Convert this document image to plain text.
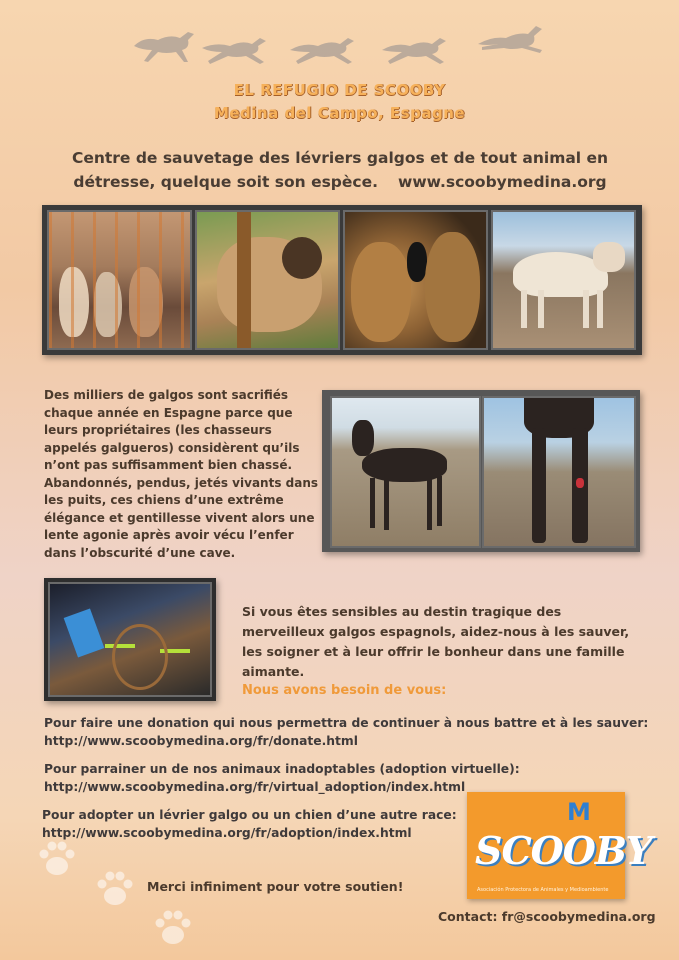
EL REFUGIO DE SCOOBY
Medina del Campo, Espagne
Centre de sauvetage des lévriers galgos et de tout animal en détresse, quelque soit son espèce. www.scoobymedina.org
Des milliers de galgos sont sacrifiés chaque année en Espagne parce que leurs propriétaires (les chasseurs appelés galgueros) considèrent qu’ils n’ont pas suffisamment bien chassé. Abandonnés, pendus, jetés vivants dans les puits, ces chiens d’une extrême élégance et gentillesse vivent alors une lente agonie après avoir vécu l’enfer dans l’obscurité d’une cave.
Si vous êtes sensibles au destin tragique des merveilleux galgos espagnols, aidez-nous à les sauver, les soigner et à leur offrir le bonheur dans une famille aimante.
Nous avons besoin de vous:
Pour faire une donation qui nous permettra de continuer à nous battre et à les sauver:
http://www.scoobymedina.org/fr/donate.html
Pour parrainer un de nos animaux inadoptables (adoption virtuelle):
http://www.scoobymedina.org/fr/virtual_adoption/index.html
Pour adopter un lévrier galgo ou un chien d’une autre race:
http://www.scoobymedina.org/fr/adoption/index.html
M
SCOOBY
Asociación Protectora de Animales y Medioambiente
Merci infiniment pour votre soutien!
Contact: fr@scoobymedina.org
